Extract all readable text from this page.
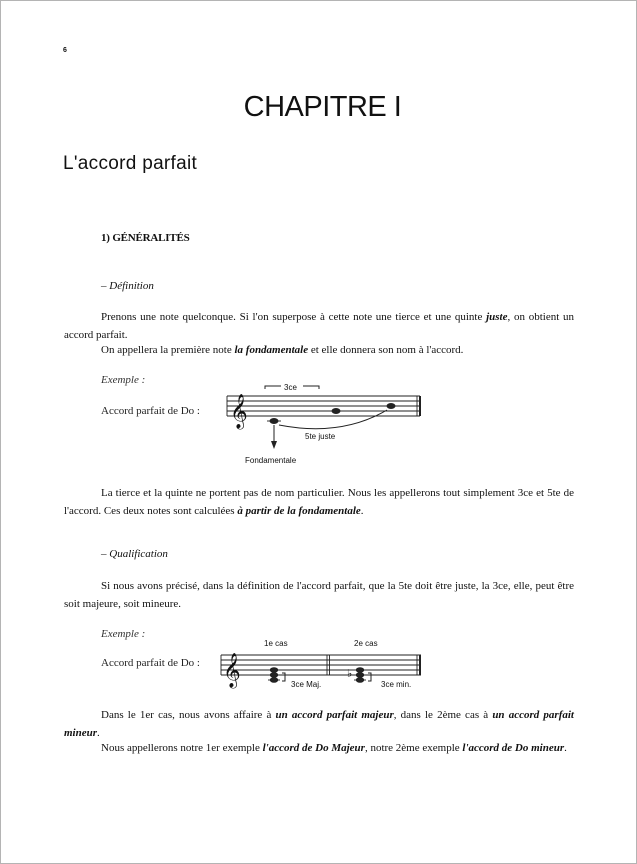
6
CHAPITRE I
L'accord parfait
1) GÉNÉRALITÉS
– Définition
Prenons une note quelconque. Si l'on superpose à cette note une tierce et une quinte juste, on obtient un accord parfait.
On appellera la première note la fondamentale et elle donnera son nom à l'accord.
Exemple :
Accord parfait de Do : 𝄞
3ce
5te juste
Fondamentale
La tierce et la quinte ne portent pas de nom particulier. Nous les appellerons tout simplement 3ce et 5te de l'accord. Ces deux notes sont calculées à partir de la fondamentale.
– Qualification
Si nous avons précisé, dans la définition de l'accord parfait, que la 5te doit être juste, la 3ce, elle, peut être soit majeure, soit mineure.
Exemple :
Accord parfait de Do : 𝄞
1e cas	2e cas
3ce Maj.
♭
3ce min.
Dans le 1er cas, nous avons affaire à un accord parfait majeur, dans le 2ème cas à un accord parfait mineur.
Nous appellerons notre 1er exemple l'accord de Do Majeur, notre 2ème exemple l'accord de Do mineur.
